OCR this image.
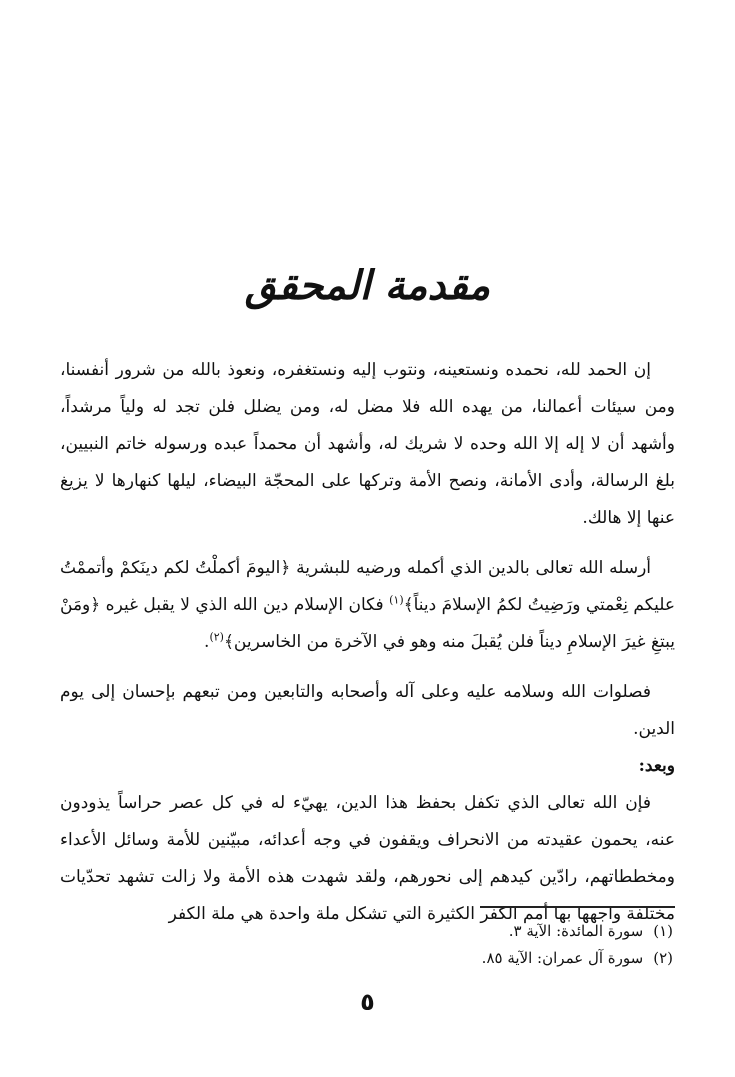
مقدمة المحقق

إن الحمد لله، نحمده ونستعينه، ونتوب إليه ونستغفره، ونعوذ بالله من شرور أنفسنا، ومن سيئات أعمالنا، من يهده الله فلا مضل له، ومن يضلل فلن تجد له ولياً مرشداً، وأشهد أن لا إله إلا الله وحده لا شريك له، وأشهد أن محمداً عبده ورسوله خاتم النبيين، بلغ الرسالة، وأدى الأمانة، ونصح الأمة وتركها على المحجّة البيضاء، ليلها كنهارها لا يزيغ عنها إلا هالك.

أرسله الله تعالى بالدين الذي أكمله ورضيه للبشرية ﴿اليومَ أكملْتُ لكم دينَكمْ وأتممْتُ عليكم نِعْمتي ورَضِيتُ لكمُ الإسلامَ ديناً﴾$^{(١)}$ فكان الإسلام دين الله الذي لا يقبل غيره ﴿ومَنْ يبتغِ غيرَ الإسلامِ ديناً فلن يُقبلَ منه وهو في الآخرة من الخاسرين﴾$^{(٢)}$.

فصلوات الله وسلامه عليه وعلى آله وأصحابه والتابعين ومن تبعهم بإحسان إلى يوم الدين.

وبعد:

فإن الله تعالى الذي تكفل بحفظ هذا الدين، يهيّء له في كل عصر حراساً يذودون عنه، يحمون عقيدته من الانحراف ويقفون في وجه أعدائه، مبيّنين للأمة وسائل الأعداء ومخططاتهم، رادّين كيدهم إلى نحورهم، ولقد شهدت هذه الأمة ولا زالت تشهد تحدّيات مختلفة واجهها بها أمم الكفر الكثيرة التي تشكل ملة واحدة هي ملة الكفر

(١)سورة المائدة: الآية ٣.

(٢)سورة آل عمران: الآية ٨٥.

٥
